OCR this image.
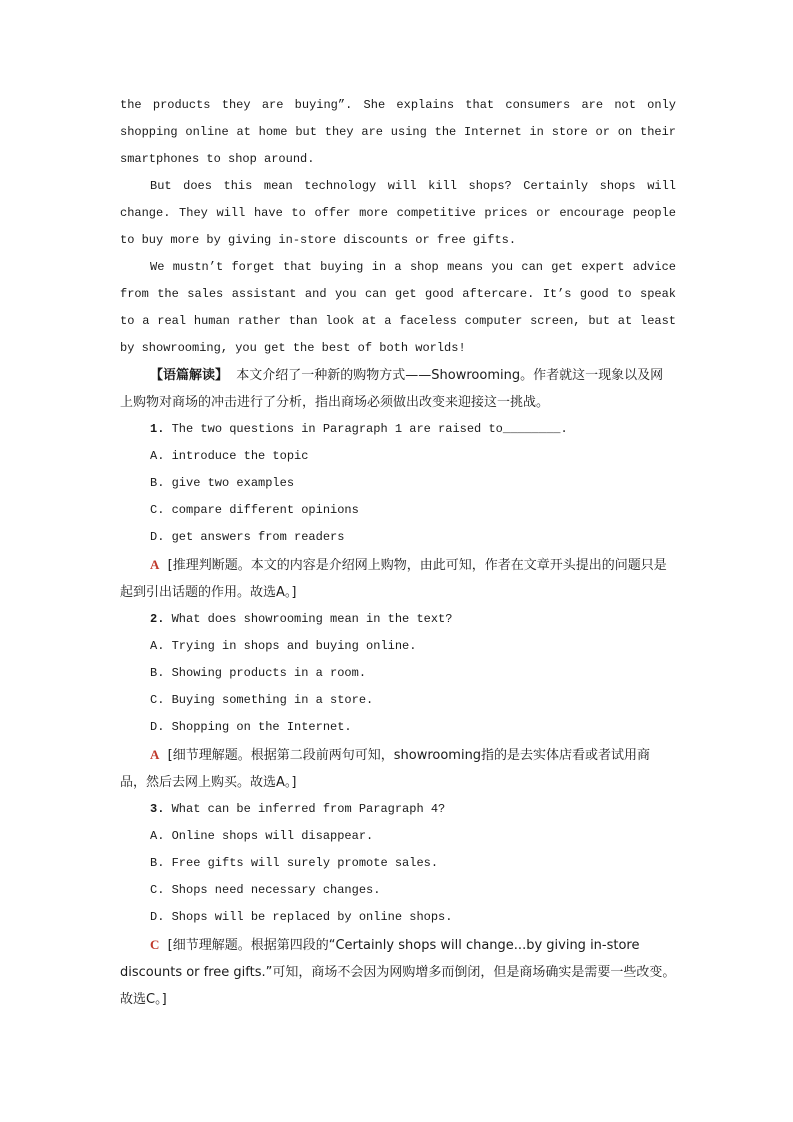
the products they are buying”. She explains that consumers are not only shopping online at home but they are using the Internet in store or on their smartphones to shop around.

But does this mean technology will kill shops? Certainly shops will change. They will have to offer more competitive prices or encourage people to buy more by giving in-store discounts or free gifts.

We mustn’t forget that buying in a shop means you can get expert advice from the sales assistant and you can get good aftercare. It’s good to speak to a real human rather than look at a faceless computer screen, but at least by showrooming, you get the best of both worlds!

【语篇解读】 本文介绍了一种新的购物方式——Showrooming。作者就这一现象以及网上购物对商场的冲击进行了分析，指出商场必须做出改变来迎接这一挑战。

1. The two questions in Paragraph 1 are raised to________.

A. introduce the topic

B. give two examples

C. compare different opinions

D. get answers from readers

A [推理判断题。本文的内容是介绍网上购物，由此可知，作者在文章开头提出的问题只是起到引出话题的作用。故选A。]

2. What does showrooming mean in the text?

A. Trying in shops and buying online.

B. Showing products in a room.

C. Buying something in a store.

D. Shopping on the Internet.

A [细节理解题。根据第二段前两句可知，showrooming指的是去实体店看或者试用商品，然后去网上购买。故选A。]

3. What can be inferred from Paragraph 4?

A. Online shops will disappear.

B. Free gifts will surely promote sales.

C. Shops need necessary changes.

D. Shops will be replaced by online shops.

C [细节理解题。根据第四段的“Certainly shops will change...by giving in-store discounts or free gifts.”可知，商场不会因为网购增多而倒闭，但是商场确实是需要一些改变。故选C。]
